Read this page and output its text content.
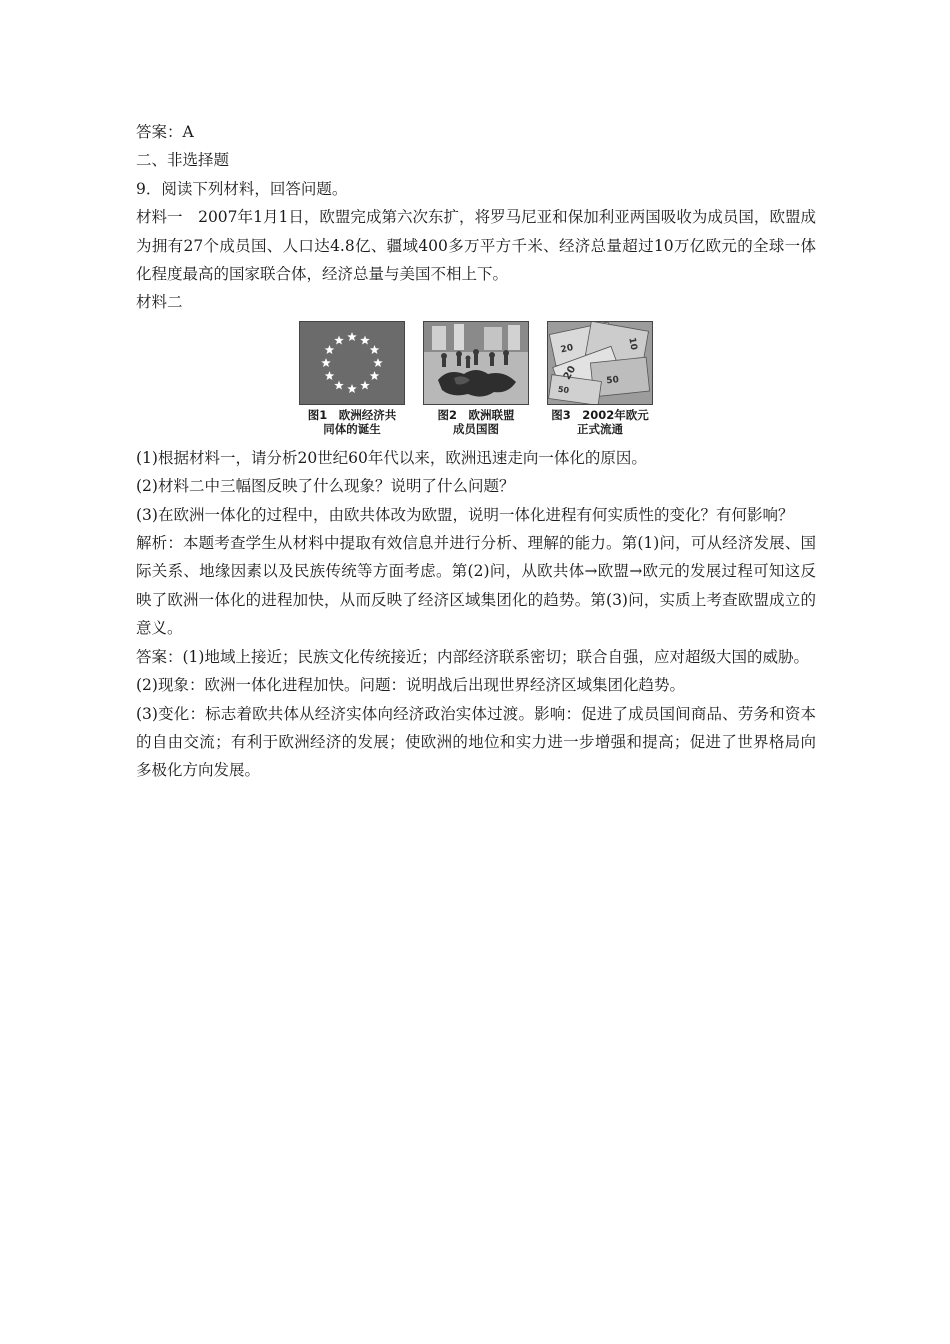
答案：A
二、非选择题
9．阅读下列材料，回答问题。
材料一　2007年1月1日，欧盟完成第六次东扩，将罗马尼亚和保加利亚两国吸收为成员国，欧盟成为拥有27个成员国、人口达4.8亿、疆域400多万平方千米、经济总量超过10万亿欧元的全球一体化程度最高的国家联合体，经济总量与美国不相上下。
材料二
图1　欧洲经济共
同体的诞生
图2　欧洲联盟
成员国图
20	10
20	50
50
图3　2002年欧元
正式流通
(1)根据材料一，请分析20世纪60年代以来，欧洲迅速走向一体化的原因。
(2)材料二中三幅图反映了什么现象？说明了什么问题？
(3)在欧洲一体化的过程中，由欧共体改为欧盟，说明一体化进程有何实质性的变化？有何影响？
解析：本题考查学生从材料中提取有效信息并进行分析、理解的能力。第(1)问，可从经济发展、国际关系、地缘因素以及民族传统等方面考虑。第(2)问，从欧共体→欧盟→欧元的发展过程可知这反映了欧洲一体化的进程加快，从而反映了经济区域集团化的趋势。第(3)问，实质上考查欧盟成立的意义。
答案：(1)地域上接近；民族文化传统接近；内部经济联系密切；联合自强，应对超级大国的威胁。
(2)现象：欧洲一体化进程加快。问题：说明战后出现世界经济区域集团化趋势。
(3)变化：标志着欧共体从经济实体向经济政治实体过渡。影响：促进了成员国间商品、劳务和资本的自由交流；有利于欧洲经济的发展；使欧洲的地位和实力进一步增强和提高；促进了世界格局向多极化方向发展。
